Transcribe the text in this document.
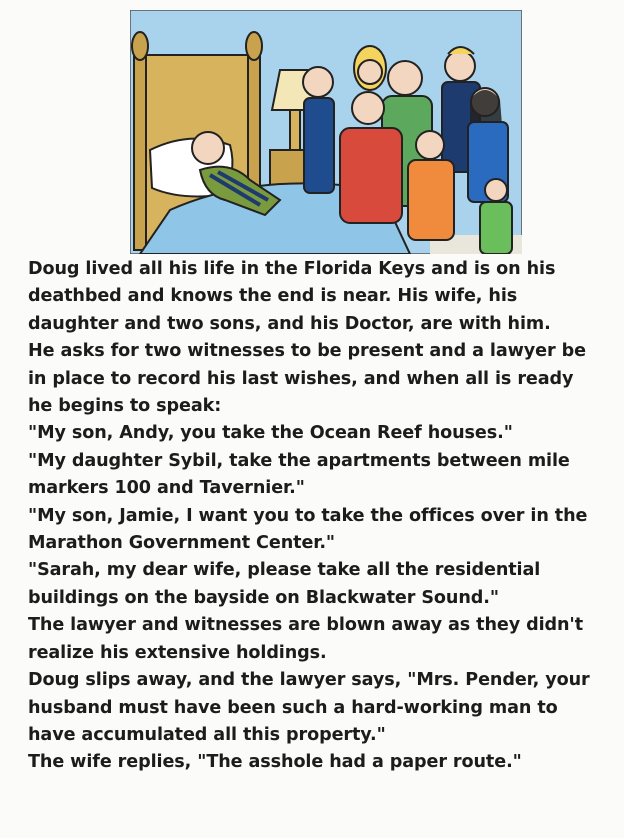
Doug lived all his life in the Florida Keys and is on his
deathbed and knows the end is near. His wife, his
daughter and two sons, and his Doctor, are with him.
He asks for two witnesses to be present and a lawyer be
in place to record his last wishes, and when all is ready
he begins to speak:
"My son, Andy, you take the Ocean Reef houses."
"My daughter Sybil, take the apartments between mile
markers 100 and Tavernier."
"My son, Jamie, I want you to take the offices over in the
Marathon Government Center."
"Sarah, my dear wife, please take all the residential
buildings on the bayside on Blackwater Sound."
The lawyer and witnesses are blown away as they didn't
realize his extensive holdings.
Doug slips away, and the lawyer says, "Mrs. Pender, your
husband must have been such a hard-working man to
have accumulated all this property."
The wife replies, "The asshole had a paper route."
